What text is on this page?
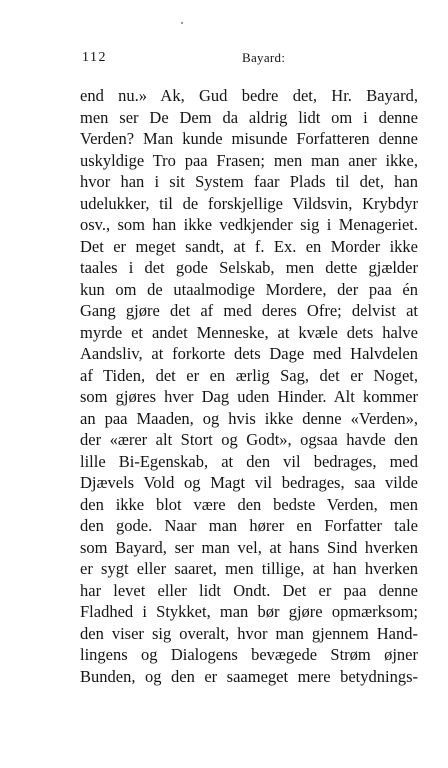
112	Bayard:
end nu.» Ak, Gud bedre det, Hr. Bayard,
men ser De Dem da aldrig lidt om i denne
Verden? Man kunde misunde Forfatteren denne
uskyldige Tro paa Frasen; men man aner ikke,
hvor han i sit System faar Plads til det, han
udelukker, til de forskjellige Vildsvin, Krybdyr
osv., som han ikke vedkjender sig i Menageriet.
Det er meget sandt, at f. Ex. en Morder ikke
taales i det gode Selskab, men dette gjælder
kun om de utaalmodige Mordere, der paa én
Gang gjøre det af med deres Ofre; delvist at
myrde et andet Menneske, at kvæle dets halve
Aandsliv, at forkorte dets Dage med Halvdelen
af Tiden, det er en ærlig Sag, det er Noget,
som gjøres hver Dag uden Hinder. Alt kommer
an paa Maaden, og hvis ikke denne «Verden»,
der «ærer alt Stort og Godt», ogsaa havde den
lille Bi-Egenskab, at den vil bedrages, med
Djævels Vold og Magt vil bedrages, saa vilde
den ikke blot være den bedste Verden, men
den gode. Naar man hører en Forfatter tale
som Bayard, ser man vel, at hans Sind hverken
er sygt eller saaret, men tillige, at han hverken
har levet eller lidt Ondt. Det er paa denne
Fladhed i Stykket, man bør gjøre opmærksom;
den viser sig overalt, hvor man gjennem Hand-
lingens og Dialogens bevægede Strøm øjner
Bunden, og den er saameget mere betydnings-
